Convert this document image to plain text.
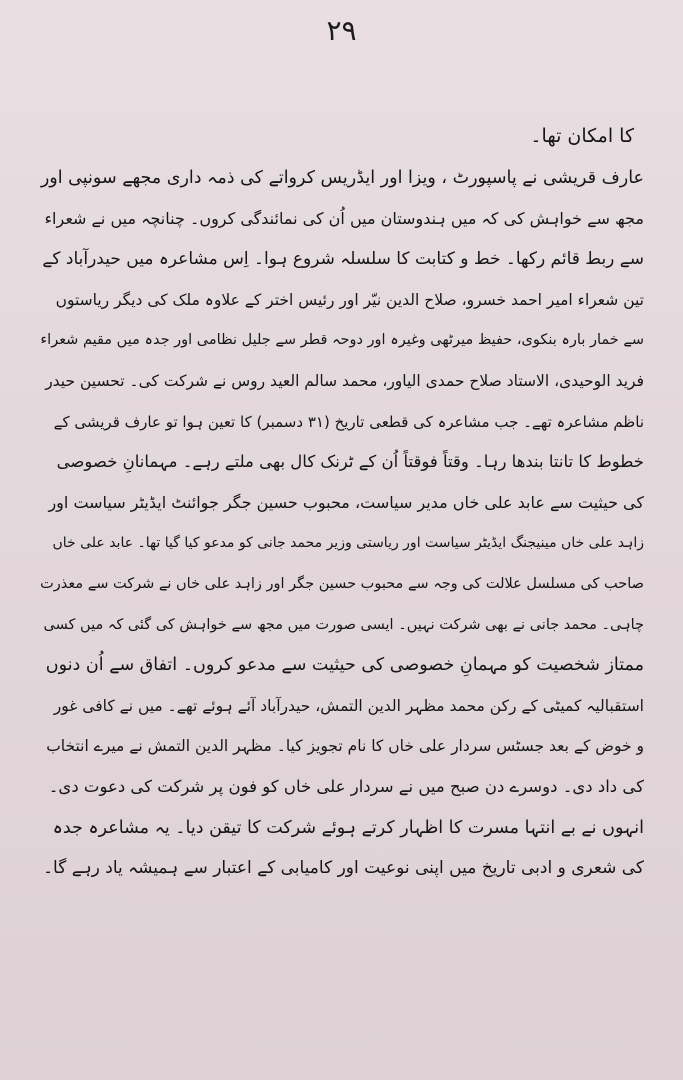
۲۹
کا امکان تھا۔
عارف قریشی نے پاسپورٹ ، ویزا اور ایڈریس کرواتے کی ذمہ داری مجھے سونپی اور
مجھ سے خواہش کی کہ میں ہندوستان میں اُن کی نمائندگی کروں۔ چنانچہ میں نے شعراء
سے ربط قائم رکھا۔ خط و کتابت کا سلسلہ شروع ہوا۔ اِس مشاعرہ میں حیدرآباد کے
تین شعراء امیر احمد خسرو، صلاح الدین نیّر اور رئیس اختر کے علاوہ ملک کی دیگر ریاستوں
سے خمار بارہ بنکوی، حفیظ میرٹھی وغیرہ اور دوحہ قطر سے جلیل نظامی اور جدہ میں مقیم شعراء
فرید الوحیدی، الاستاد صلاح حمدی الیاور، محمد سالم العید روس نے شرکت کی۔ تحسین حیدر
ناظم مشاعرہ تھے۔ جب مشاعرہ کی قطعی تاریخ (۳۱ دسمبر) کا تعین ہوا تو عارف قریشی کے
خطوط کا تانتا بندھا رہا۔ وقتاً فوقتاً اُن کے ٹرنک کال بھی ملتے رہے۔ مہمانانِ خصوصی
کی حیثیت سے عابد علی خاں مدیر سیاست، محبوب حسین جگر جوائنٹ ایڈیٹر سیاست اور
زاہد علی خاں مینیجنگ ایڈیٹر سیاست اور ریاستی وزیر محمد جانی کو مدعو کیا گیا تھا۔ عابد علی خاں
صاحب کی مسلسل علالت کی وجہ سے محبوب حسین جگر اور زاہد علی خاں نے شرکت سے معذرت
چاہی۔ محمد جانی نے بھی شرکت نہیں۔ ایسی صورت میں مجھ سے خواہش کی گئی کہ میں کسی
ممتاز شخصیت کو مہمانِ خصوصی کی حیثیت سے مدعو کروں۔ اتفاق سے اُن دنوں
استقبالیہ کمیٹی کے رکن محمد مظہر الدین التمش، حیدرآباد آئے ہوئے تھے۔ میں نے کافی غور
و خوض کے بعد جسٹس سردار علی خاں کا نام تجویز کیا۔ مظہر الدین التمش نے میرے انتخاب
کی داد دی۔ دوسرے دن صبح میں نے سردار علی خاں کو فون پر شرکت کی دعوت دی۔
انہوں نے بے انتہا مسرت کا اظہار کرتے ہوئے شرکت کا تیقن دیا۔ یہ مشاعرہ جدہ
کی شعری و ادبی تاریخ میں اپنی نوعیت اور کامیابی کے اعتبار سے ہمیشہ یاد رہے گا۔
